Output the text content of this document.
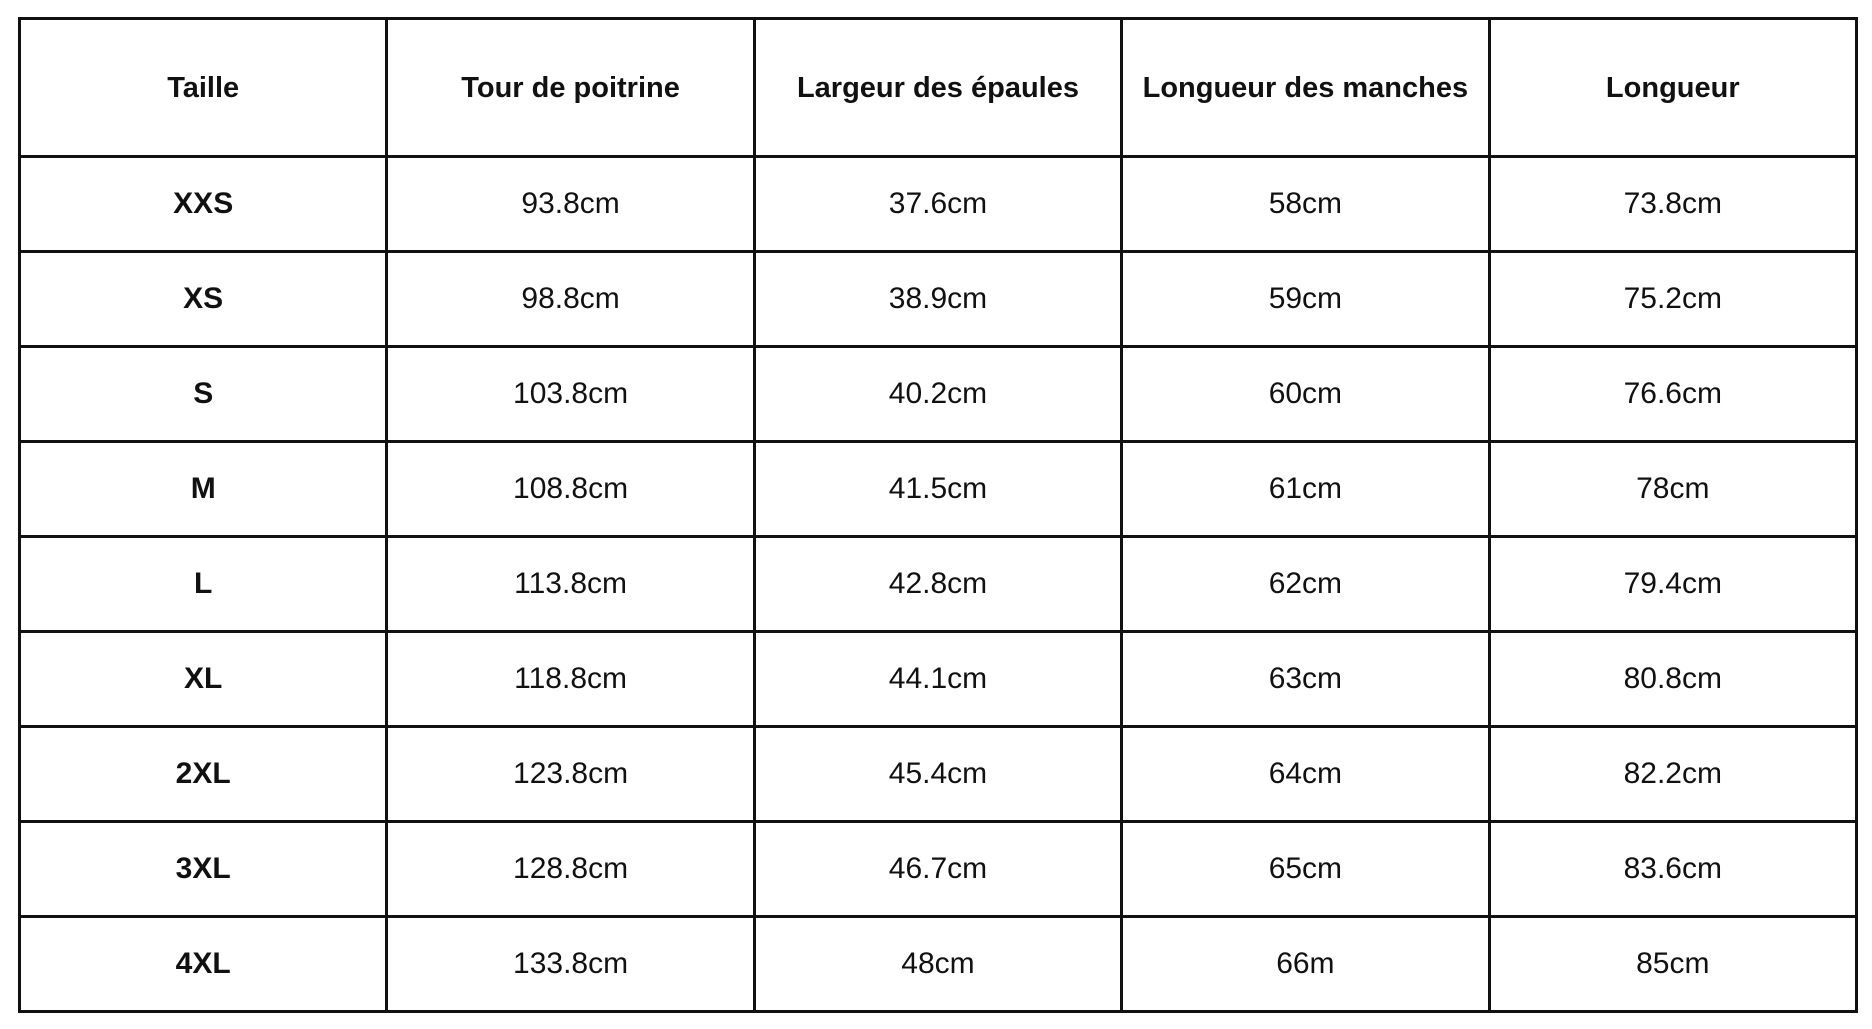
Taille	Tour de poitrine	Largeur des épaules	Longueur des manches	Longueur
XXS	93.8cm	37.6cm	58cm	73.8cm
XS	98.8cm	38.9cm	59cm	75.2cm
S	103.8cm	40.2cm	60cm	76.6cm
M	108.8cm	41.5cm	61cm	78cm
L	113.8cm	42.8cm	62cm	79.4cm
XL	118.8cm	44.1cm	63cm	80.8cm
2XL	123.8cm	45.4cm	64cm	82.2cm
3XL	128.8cm	46.7cm	65cm	83.6cm
4XL	133.8cm	48cm	66m	85cm
